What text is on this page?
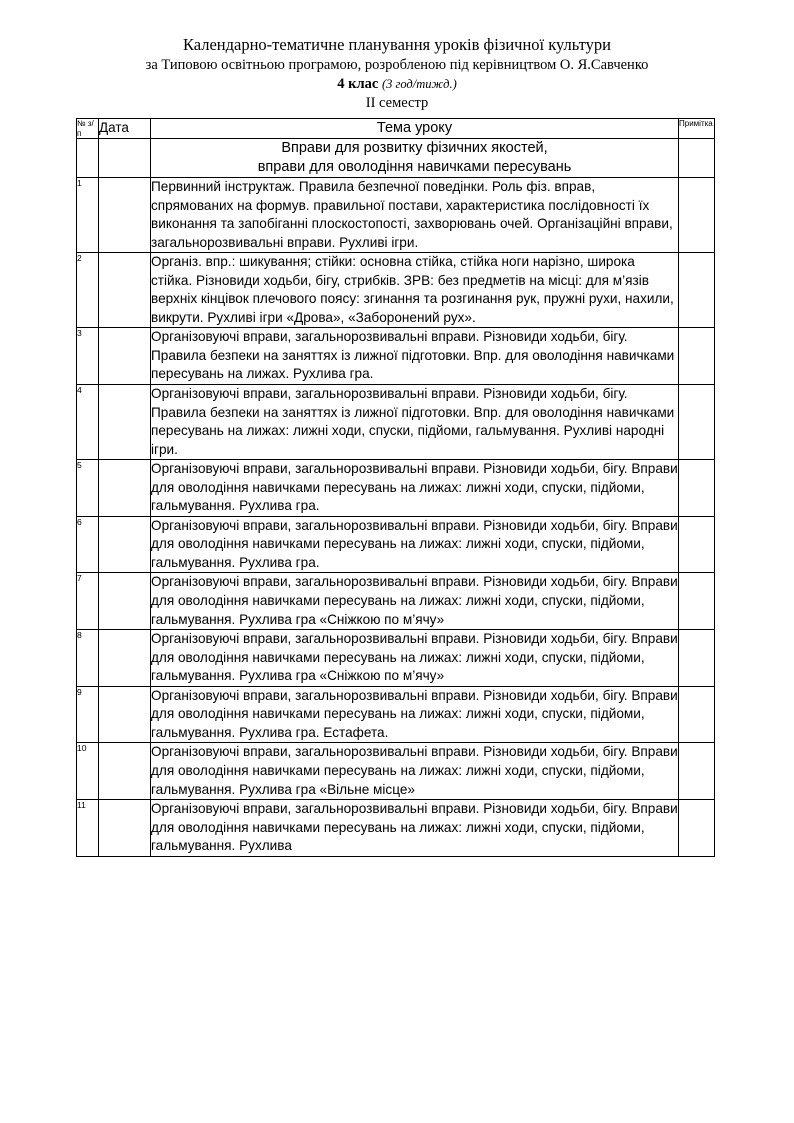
Календарно-тематичне планування уроків фізичної культури
за Типовою освітньою програмою, розробленою під керівництвом О. Я.Савченко
4 клас (3 год/тижд.)
II семестр
№ з/п	Дата	Тема уроку	Примітка

		Вправи для розвитку фізичних якостей,
вправи для оволодіння навичками пересувань	

1		Первинний інструктаж. Правила безпечної поведінки. Роль фіз. вправ, спрямованих на формув. правильної постави, характеристика послідовності їх виконання та запобіганні плоскостопості, захворювань очей. Організаційні вправи, загальнорозвивальні вправи. Рухливі ігри.	
2		Організ. впр.: шикування; стійки: основна стійка, стійка ноги нарізно, широка стійка. Різновиди ходьби, бігу, стрибків. ЗРВ: без предметів на місці: для м’язів верхніх кінцівок плечового поясу: згинання та розгинання рук, пружні рухи, нахили, викрути. Рухливі ігри «Дрова», «Заборонений рух».	
3		Організовуючі вправи, загальнорозвивальні вправи. Різновиди ходьби, бігу. Правила безпеки на заняттях із лижної підготовки. Впр. для оволодіння навичками пересувань на лижах. Рухлива гра.	
4		Організовуючі вправи, загальнорозвивальні вправи. Різновиди ходьби, бігу. Правила безпеки на заняттях із лижної підготовки. Впр. для оволодіння навичками пересувань на лижах: лижні ходи, спуски, підйоми, гальмування. Рухливі народні ігри.	
5		Організовуючі вправи, загальнорозвивальні вправи. Різновиди ходьби, бігу. Вправи для оволодіння навичками пересувань на лижах: лижні ходи, спуски, підйоми, гальмування. Рухлива гра.	
6		Організовуючі вправи, загальнорозвивальні вправи. Різновиди ходьби, бігу. Вправи для оволодіння навичками пересувань на лижах: лижні ходи, спуски, підйоми, гальмування. Рухлива гра.	
7		Організовуючі вправи, загальнорозвивальні вправи. Різновиди ходьби, бігу. Вправи для оволодіння навичками пересувань на лижах: лижні ходи, спуски, підйоми, гальмування. Рухлива гра «Сніжкою по м’ячу»	
8		Організовуючі вправи, загальнорозвивальні вправи. Різновиди ходьби, бігу. Вправи для оволодіння навичками пересувань на лижах: лижні ходи, спуски, підйоми, гальмування. Рухлива гра «Сніжкою по м’ячу»	
9		Організовуючі вправи, загальнорозвивальні вправи. Різновиди ходьби, бігу. Вправи для оволодіння навичками пересувань на лижах: лижні ходи, спуски, підйоми, гальмування. Рухлива гра. Естафета.	
10		Організовуючі вправи, загальнорозвивальні вправи. Різновиди ходьби, бігу. Вправи для оволодіння навичками пересувань на лижах: лижні ходи, спуски, підйоми, гальмування. Рухлива гра «Вільне місце»	
11		Організовуючі вправи, загальнорозвивальні вправи. Різновиди ходьби, бігу. Вправи для оволодіння навичками пересувань на лижах: лижні ходи, спуски, підйоми, гальмування. Рухлива	
